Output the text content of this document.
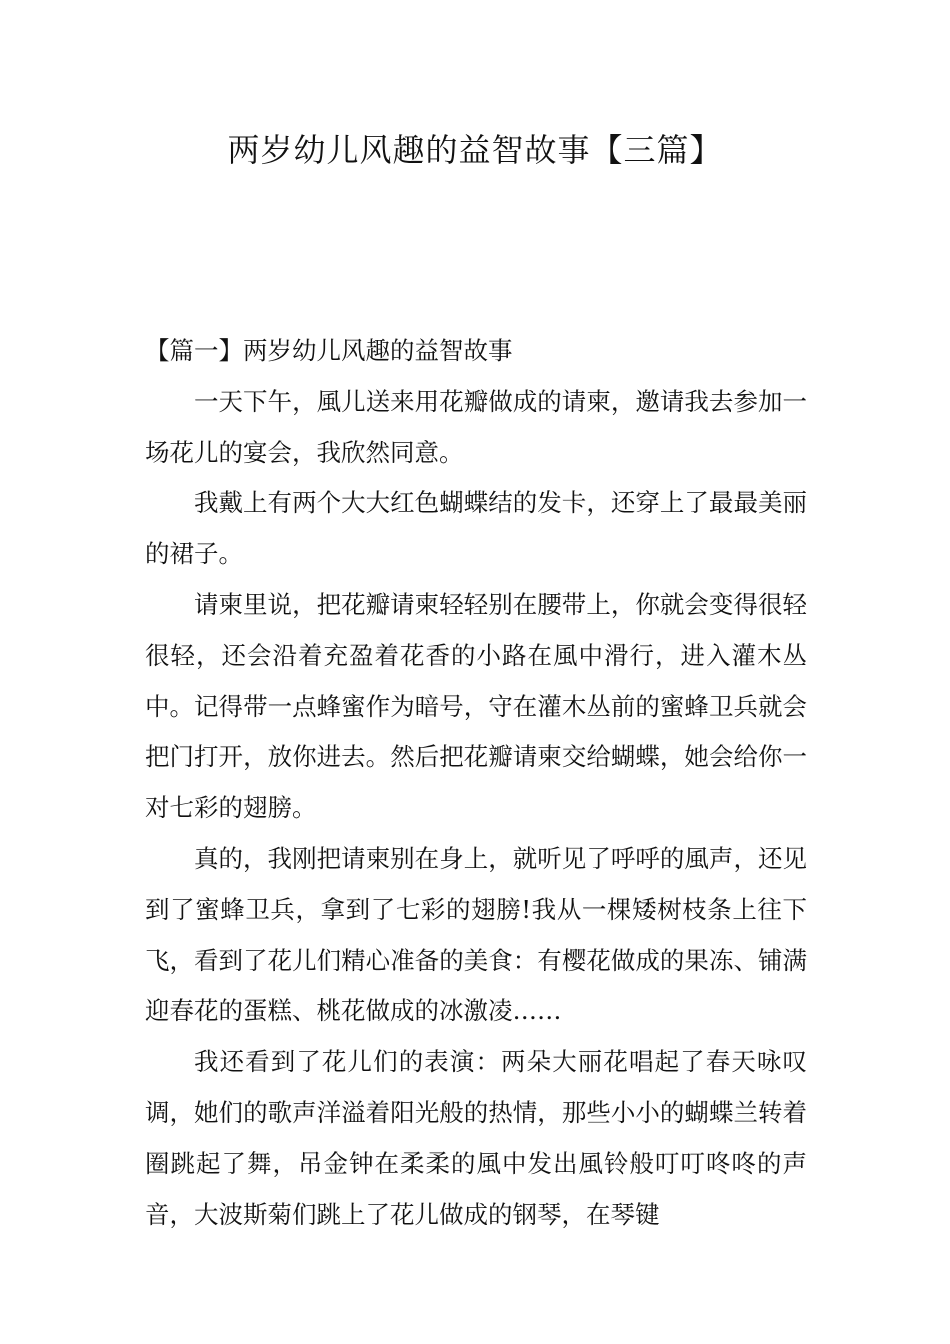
两岁幼儿风趣的益智故事【三篇】
【篇一】两岁幼儿风趣的益智故事

一天下午，風儿送来用花瓣做成的请柬，邀请我去参加一场花儿的宴会，我欣然同意。

我戴上有两个大大红色蝴蝶结的发卡，还穿上了最最美丽的裙子。

请柬里说，把花瓣请柬轻轻别在腰带上，你就会变得很轻很轻，还会沿着充盈着花香的小路在風中滑行，进入灌木丛中。记得带一点蜂蜜作为暗号，守在灌木丛前的蜜蜂卫兵就会把门打开，放你进去。然后把花瓣请柬交给蝴蝶，她会给你一对七彩的翅膀。

真的，我刚把请柬别在身上，就听见了呼呼的風声，还见到了蜜蜂卫兵，拿到了七彩的翅膀!我从一棵矮树枝条上往下飞，看到了花儿们精心准备的美食：有樱花做成的果冻、铺满迎春花的蛋糕、桃花做成的冰激凌……

我还看到了花儿们的表演：两朵大丽花唱起了春天咏叹调，她们的歌声洋溢着阳光般的热情，那些小小的蝴蝶兰转着圈跳起了舞，吊金钟在柔柔的風中发出風铃般叮叮咚咚的声音，大波斯菊们跳上了花儿做成的钢琴，在琴键
